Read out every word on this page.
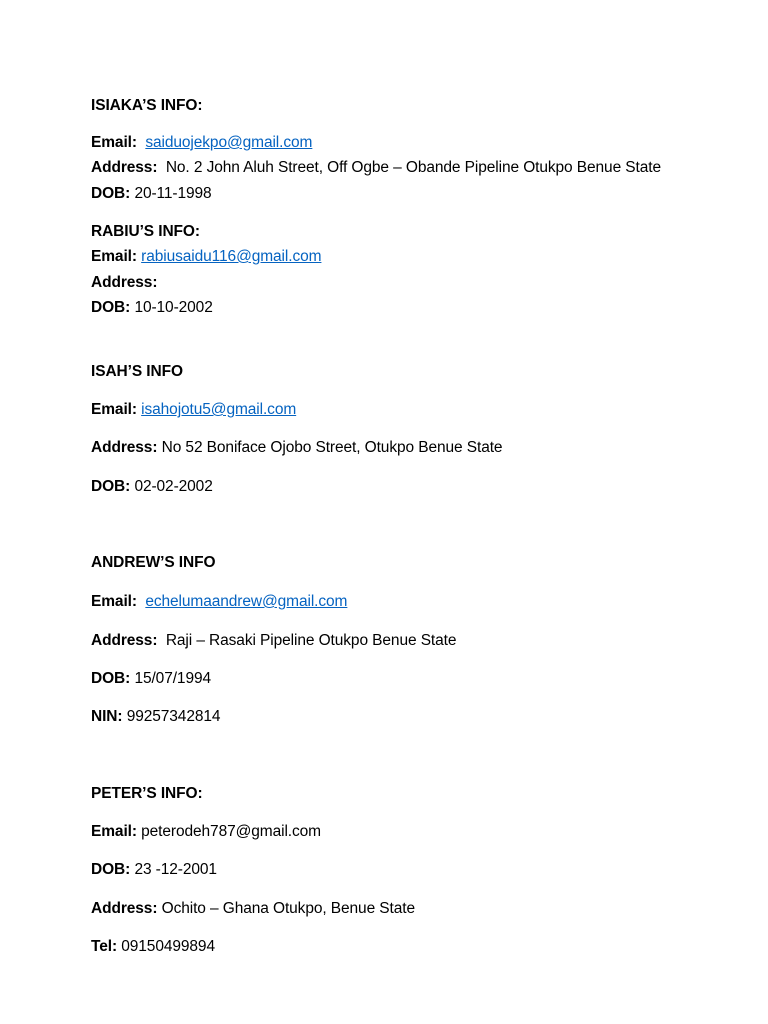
ISIAKA’S INFO:
Email: saiduojekpo@gmail.com
Address: No. 2 John Aluh Street, Off Ogbe – Obande Pipeline Otukpo Benue State
DOB: 20-11-1998
RABIU’S INFO:
Email: rabiusaidu116@gmail.com
Address:
DOB: 10-10-2002
ISAH’S INFO
Email: isahojotu5@gmail.com
Address: No 52 Boniface Ojobo Street, Otukpo Benue State
DOB: 02-02-2002
ANDREW’S INFO
Email: echelumaandrew@gmail.com
Address: Raji – Rasaki Pipeline Otukpo Benue State
DOB: 15/07/1994
NIN: 99257342814
PETER’S INFO:
Email: peterodeh787@gmail.com
DOB: 23 -12-2001
Address: Ochito – Ghana Otukpo, Benue State
Tel: 09150499894
